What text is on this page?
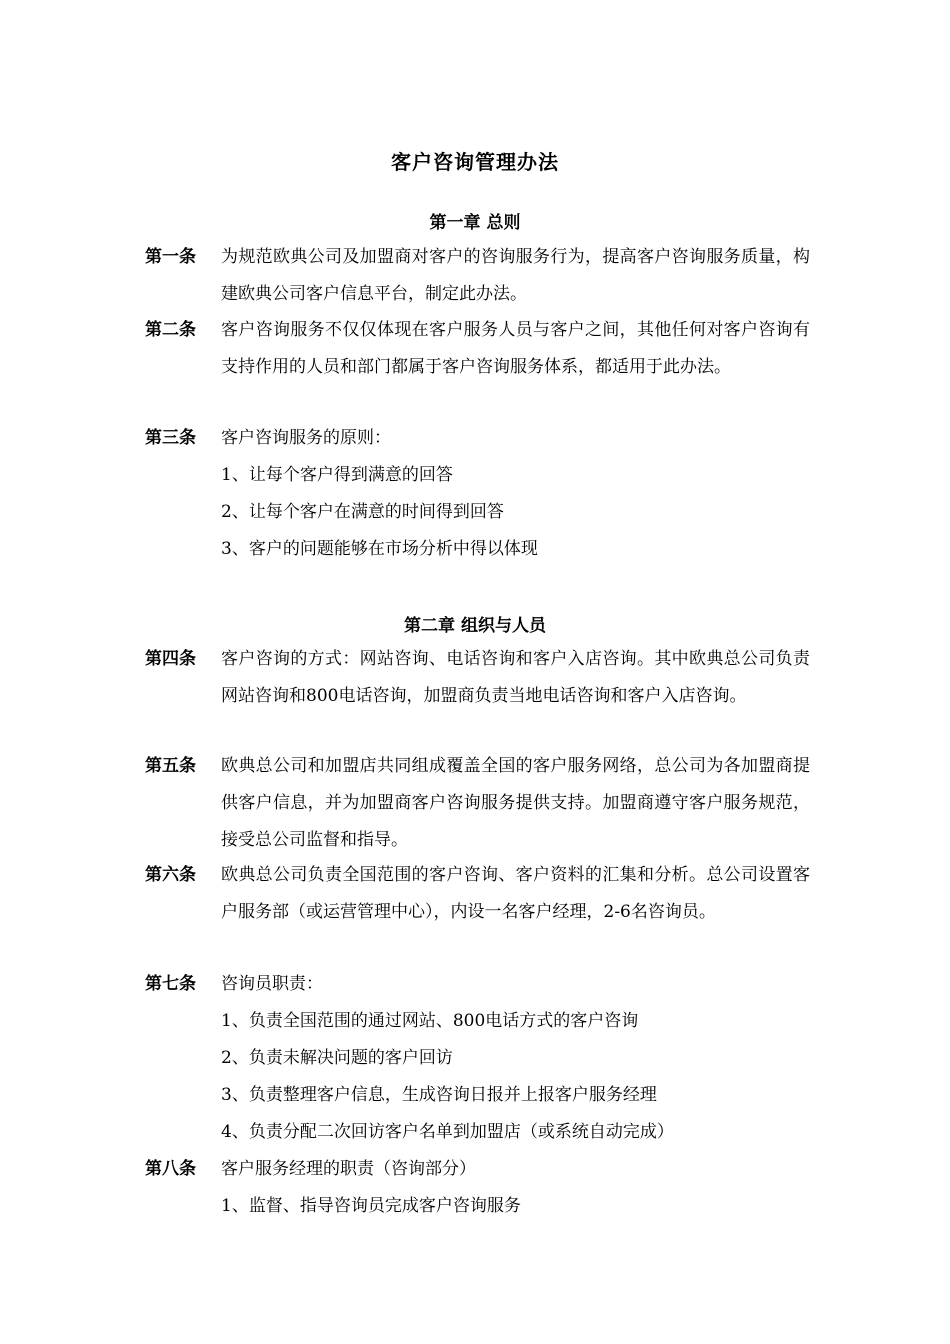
客户咨询管理办法
第一章 总则
第一条 为规范欧典公司及加盟商对客户的咨询服务行为，提高客户咨询服务质量，构建欧典公司客户信息平台，制定此办法。
第二条 客户咨询服务不仅仅体现在客户服务人员与客户之间，其他任何对客户咨询有支持作用的人员和部门都属于客户咨询服务体系，都适用于此办法。
第三条 客户咨询服务的原则：
1、让每个客户得到满意的回答
2、让每个客户在满意的时间得到回答
3、客户的问题能够在市场分析中得以体现
第二章 组织与人员
第四条 客户咨询的方式：网站咨询、电话咨询和客户入店咨询。其中欧典总公司负责网站咨询和800电话咨询，加盟商负责当地电话咨询和客户入店咨询。
第五条 欧典总公司和加盟店共同组成覆盖全国的客户服务网络，总公司为各加盟商提供客户信息，并为加盟商客户咨询服务提供支持。加盟商遵守客户服务规范，接受总公司监督和指导。
第六条 欧典总公司负责全国范围的客户咨询、客户资料的汇集和分析。总公司设置客户服务部（或运营管理中心），内设一名客户经理，2-6名咨询员。
第七条 咨询员职责：
1、负责全国范围的通过网站、800电话方式的客户咨询
2、负责未解决问题的客户回访
3、负责整理客户信息，生成咨询日报并上报客户服务经理
4、负责分配二次回访客户名单到加盟店（或系统自动完成）
第八条 客户服务经理的职责（咨询部分）
1、监督、指导咨询员完成客户咨询服务
